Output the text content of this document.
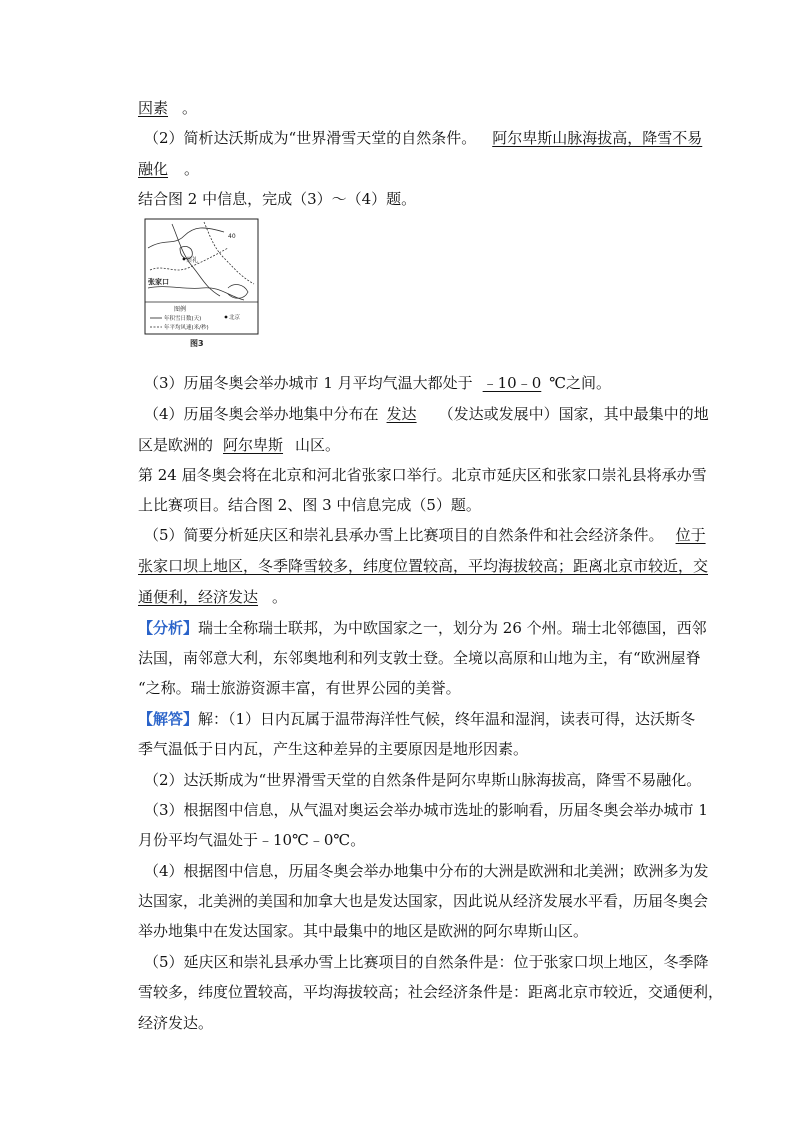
因素 。
（2）简析达沃斯成为“世界滑雪天堂的自然条件。 阿尔卑斯山脉海拔高，降雪不易
融化 。
结合图 2 中信息，完成（3）～（4）题。
40
崇礼
张家口
图例
年积雪日数(天)
年平均风速(米/秒)
北京
图3
（3）历届冬奥会举办城市 1 月平均气温大都处于 ﹣10﹣0 ℃之间。
（4）历届冬奥会举办地集中分布在 发达 （发达或发展中）国家，其中最集中的地
区是欧洲的 阿尔卑斯 山区。
第 24 届冬奥会将在北京和河北省张家口举行。北京市延庆区和张家口崇礼县将承办雪
上比赛项目。结合图 2、图 3 中信息完成（5）题。
（5）简要分析延庆区和崇礼县承办雪上比赛项目的自然条件和社会经济条件。 位于
张家口坝上地区，冬季降雪较多，纬度位置较高，平均海拔较高；距离北京市较近，交
通便利，经济发达 。
【分析】瑞士全称瑞士联邦，为中欧国家之一，划分为 26 个州。瑞士北邻德国，西邻
法国，南邻意大利，东邻奥地利和列支敦士登。全境以高原和山地为主，有“欧洲屋脊
“之称。瑞士旅游资源丰富，有世界公园的美誉。
【解答】解：（1）日内瓦属于温带海洋性气候，终年温和湿润，读表可得，达沃斯冬
季气温低于日内瓦，产生这种差异的主要原因是地形因素。
（2）达沃斯成为“世界滑雪天堂的自然条件是阿尔卑斯山脉海拔高，降雪不易融化。
（3）根据图中信息，从气温对奥运会举办城市选址的影响看，历届冬奥会举办城市 1
月份平均气温处于﹣10℃﹣0℃。
（4）根据图中信息，历届冬奥会举办地集中分布的大洲是欧洲和北美洲；欧洲多为发
达国家，北美洲的美国和加拿大也是发达国家，因此说从经济发展水平看，历届冬奥会
举办地集中在发达国家。其中最集中的地区是欧洲的阿尔卑斯山区。
（5）延庆区和崇礼县承办雪上比赛项目的自然条件是：位于张家口坝上地区，冬季降
雪较多，纬度位置较高，平均海拔较高；社会经济条件是：距离北京市较近，交通便利，
经济发达。
